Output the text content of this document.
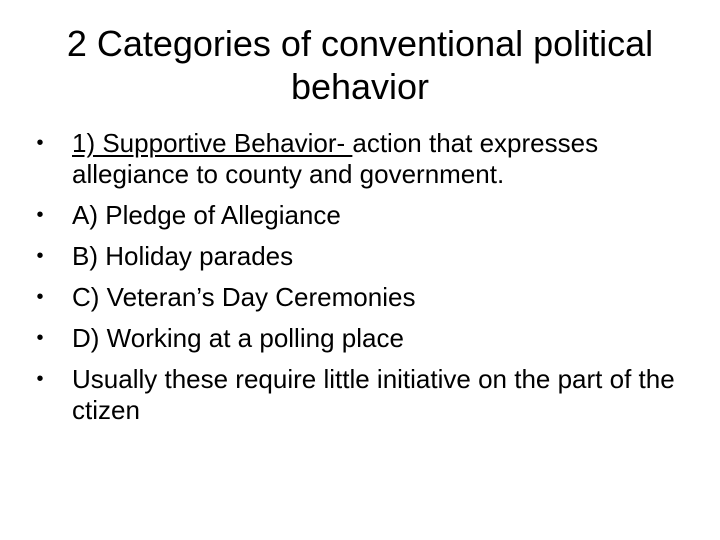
2 Categories of conventional political behavior
• 1) Supportive Behavior- action that expresses allegiance to county and government.
• A) Pledge of Allegiance
• B) Holiday parades
• C) Veteran’s Day Ceremonies
• D) Working at a polling place
• Usually these require little initiative on the part of the ctizen
